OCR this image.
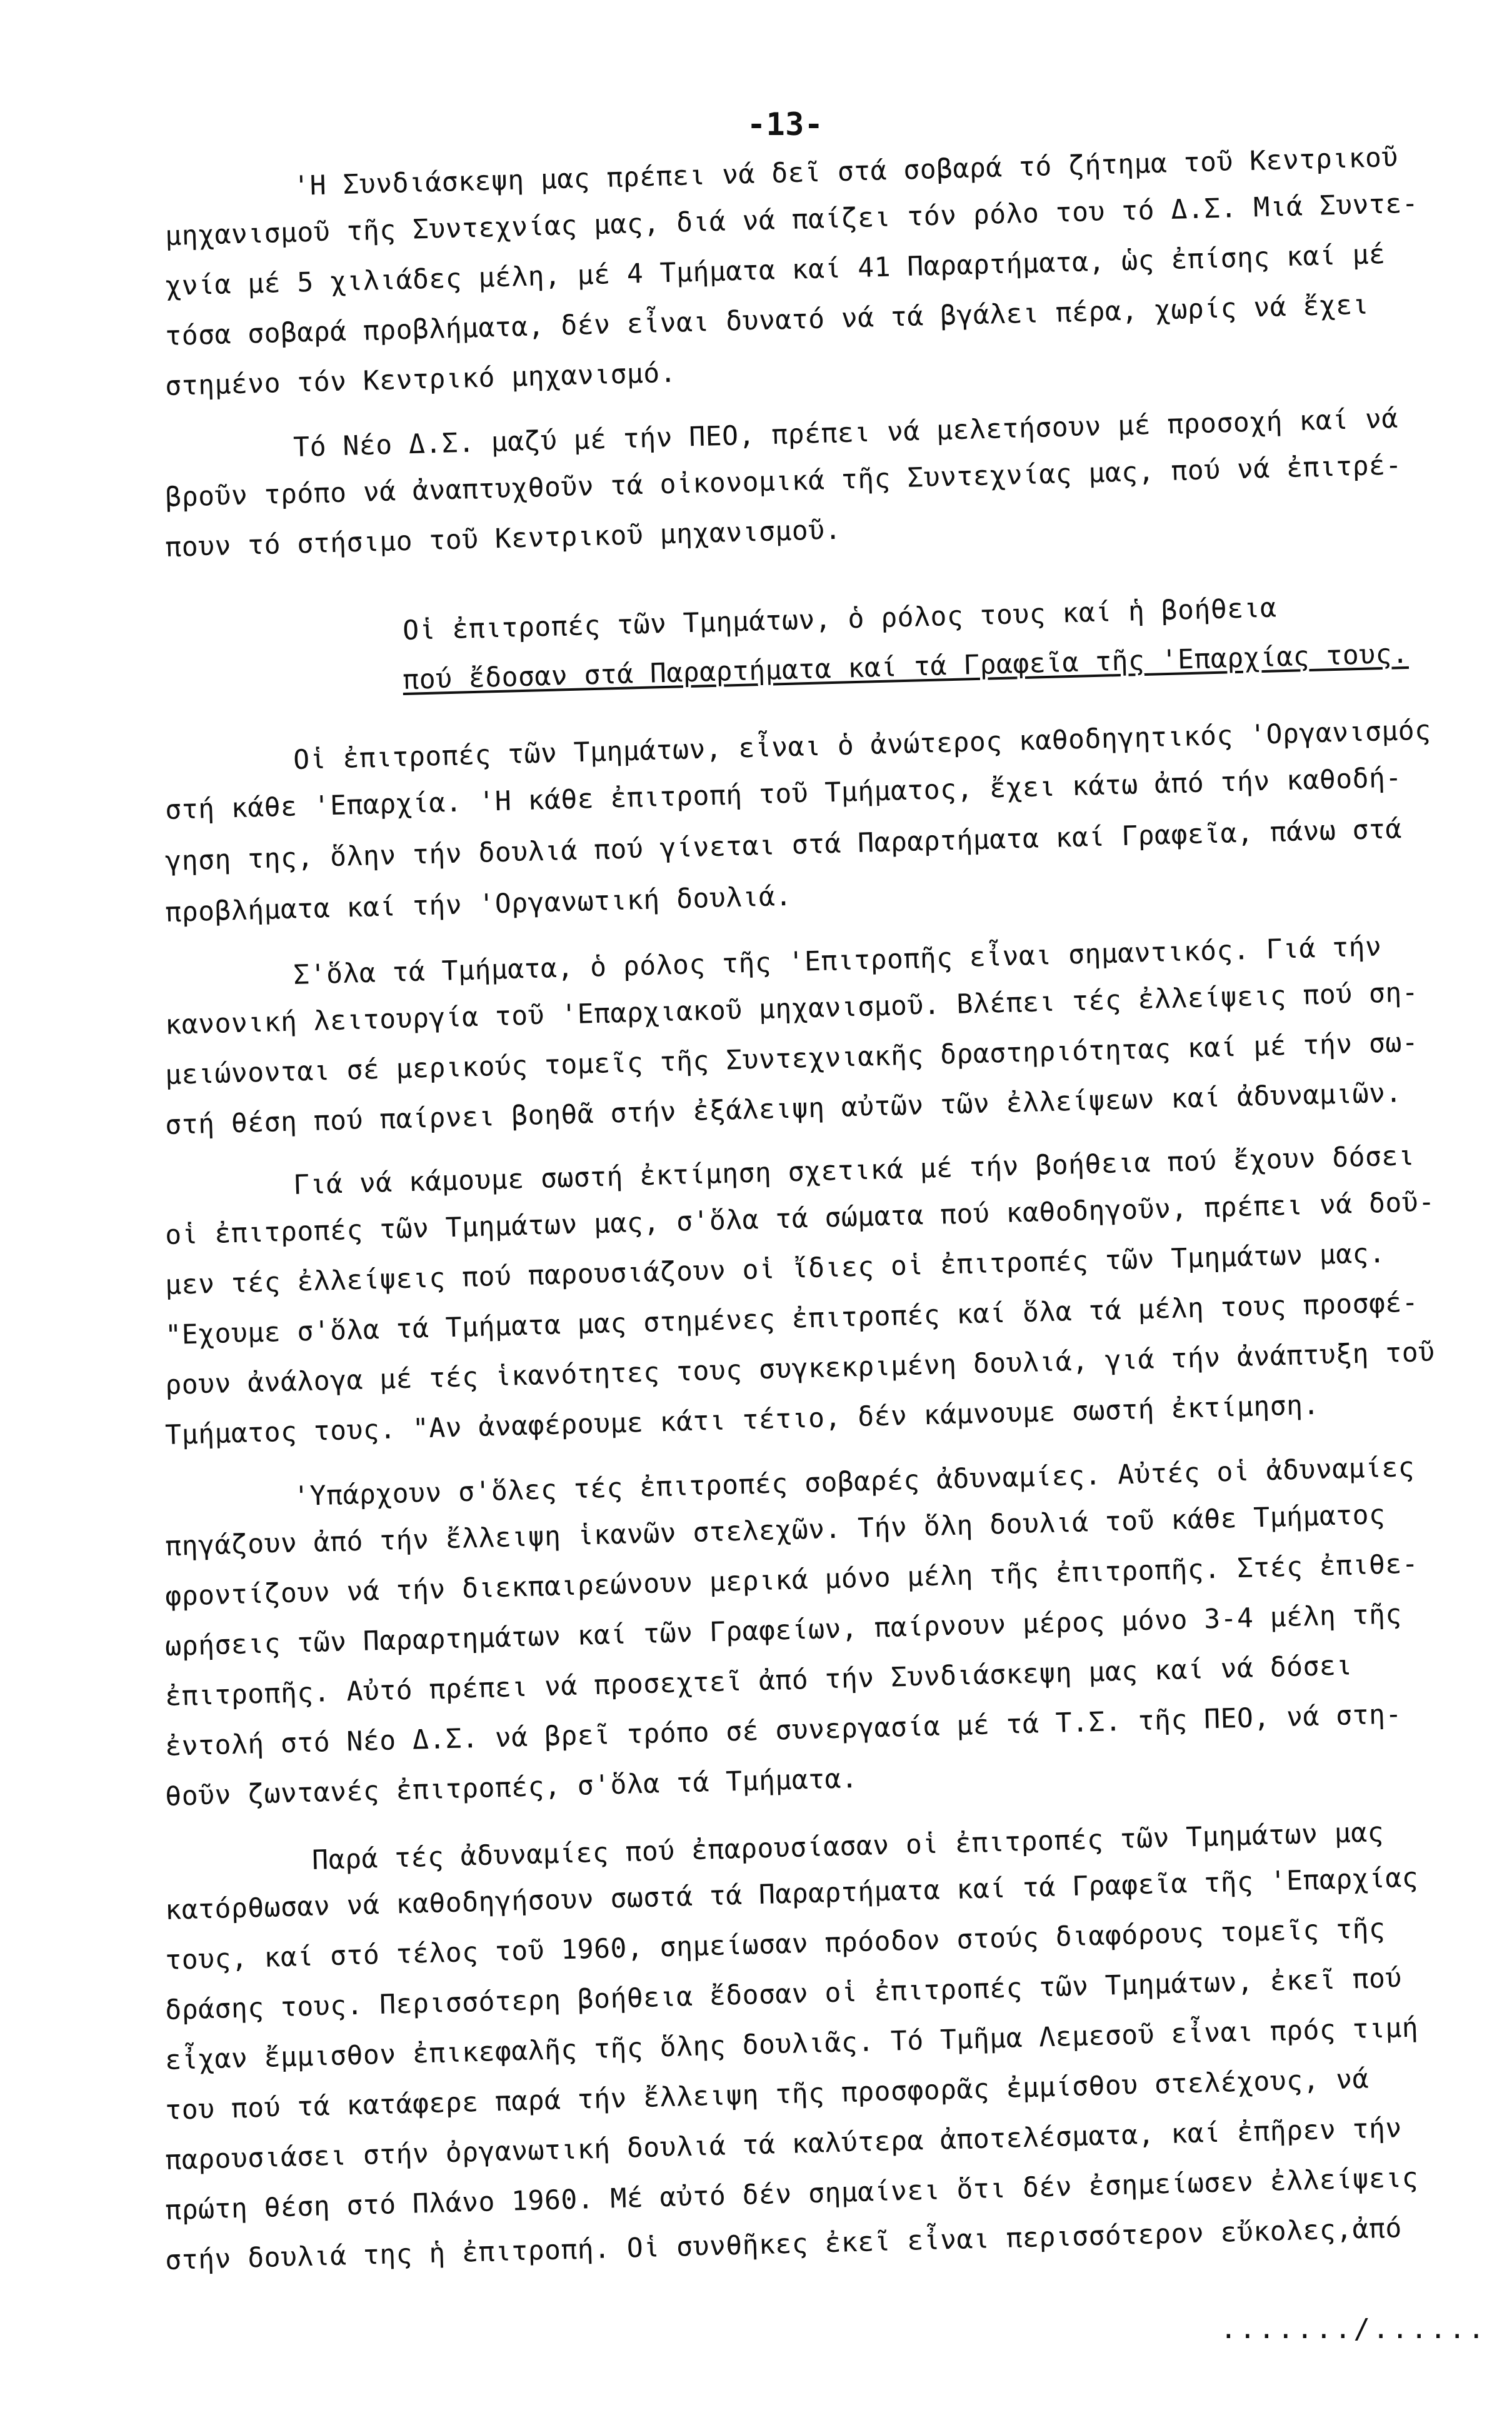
-13-
'Η Συνδιάσκεψη μας πρέπει νά δεῖ στά σοβαρά τό ζήτημα τοῦ Κεντρικοῦ
μηχανισμοῦ τῆς Συντεχνίας μας, διά νά παίζει τόν ρόλο του τό Δ.Σ. Μιά Συντε-
χνία μέ 5 χιλιάδες μέλη, μέ 4 Τμήματα καί 41 Παραρτήματα, ὡς ἐπίσης καί μέ
τόσα σοβαρά προβλήματα, δέν εἶναι δυνατό νά τά βγάλει πέρα, χωρίς νά ἔχει
στημένο τόν Κεντρικό μηχανισμό.
Τό Νέο Δ.Σ. μαζύ μέ τήν ΠΕΟ, πρέπει νά μελετήσουν μέ προσοχή καί νά
βροῦν τρόπο νά ἀναπτυχθοῦν τά οἰκονομικά τῆς Συντεχνίας μας, πού νά ἐπιτρέ-
πουν τό στήσιμο τοῦ Κεντρικοῦ μηχανισμοῦ.
Οἱ ἐπιτροπές τῶν Τμημάτων, ὁ ρόλος τους καί ἡ βοήθεια
πού ἔδοσαν στά Παραρτήματα καί τά Γραφεῖα τῆς 'Επαρχίας τους.
Οἱ ἐπιτροπές τῶν Τμημάτων, εἶναι ὁ ἀνώτερος καθοδηγητικός 'Οργανισμός
στή κάθε 'Επαρχία. 'Η κάθε ἐπιτροπή τοῦ Τμήματος, ἔχει κάτω ἀπό τήν καθοδή-
γηση της, ὅλην τήν δουλιά πού γίνεται στά Παραρτήματα καί Γραφεῖα, πάνω στά
προβλήματα καί τήν 'Οργανωτική δουλιά.
Σ'ὅλα τά Τμήματα, ὁ ρόλος τῆς 'Επιτροπῆς εἶναι σημαντικός. Γιά τήν
κανονική λειτουργία τοῦ 'Επαρχιακοῦ μηχανισμοῦ. Βλέπει τές ἐλλείψεις πού ση-
μειώνονται σέ μερικούς τομεῖς τῆς Συντεχνιακῆς δραστηριότητας καί μέ τήν σω-
στή θέση πού παίρνει βοηθᾶ στήν ἐξάλειψη αὐτῶν τῶν ἐλλείψεων καί ἀδυναμιῶν.
Γιά νά κάμουμε σωστή ἐκτίμηση σχετικά μέ τήν βοήθεια πού ἔχουν δόσει
οἱ ἐπιτροπές τῶν Τμημάτων μας, σ'ὅλα τά σώματα πού καθοδηγοῦν, πρέπει νά δοῦ-
μεν τές ἐλλείψεις πού παρουσιάζουν οἱ ἴδιες οἱ ἐπιτροπές τῶν Τμημάτων μας.
"Εχουμε σ'ὅλα τά Τμήματα μας στημένες ἐπιτροπές καί ὅλα τά μέλη τους προσφέ-
ρουν ἀνάλογα μέ τές ἱκανότητες τους συγκεκριμένη δουλιά, γιά τήν ἀνάπτυξη τοῦ
Τμήματος τους. "Αν ἀναφέρουμε κάτι τέτιο, δέν κάμνουμε σωστή ἐκτίμηση.
'Υπάρχουν σ'ὅλες τές ἐπιτροπές σοβαρές ἀδυναμίες. Αὐτές οἱ ἀδυναμίες
πηγάζουν ἀπό τήν ἔλλειψη ἱκανῶν στελεχῶν. Τήν ὅλη δουλιά τοῦ κάθε Τμήματος
φροντίζουν νά τήν διεκπαιρεώνουν μερικά μόνο μέλη τῆς ἐπιτροπῆς. Στές ἐπιθε-
ωρήσεις τῶν Παραρτημάτων καί τῶν Γραφείων, παίρνουν μέρος μόνο 3-4 μέλη τῆς
ἐπιτροπῆς. Αὐτό πρέπει νά προσεχτεῖ ἀπό τήν Συνδιάσκεψη μας καί νά δόσει
ἐντολή στό Νέο Δ.Σ. νά βρεῖ τρόπο σέ συνεργασία μέ τά Τ.Σ. τῆς ΠΕΟ, νά στη-
θοῦν ζωντανές ἐπιτροπές, σ'ὅλα τά Τμήματα.
Παρά τές ἀδυναμίες πού ἐπαρουσίασαν οἱ ἐπιτροπές τῶν Τμημάτων μας
κατόρθωσαν νά καθοδηγήσουν σωστά τά Παραρτήματα καί τά Γραφεῖα τῆς 'Επαρχίας
τους, καί στό τέλος τοῦ 1960, σημείωσαν πρόοδον στούς διαφόρους τομεῖς τῆς
δράσης τους. Περισσότερη βοήθεια ἔδοσαν οἱ ἐπιτροπές τῶν Τμημάτων, ἐκεῖ πού
εἶχαν ἔμμισθον ἐπικεφαλῆς τῆς ὅλης δουλιᾶς. Τό Τμῆμα Λεμεσοῦ εἶναι πρός τιμή
του πού τά κατάφερε παρά τήν ἔλλειψη τῆς προσφορᾶς ἐμμίσθου στελέχους, νά
παρουσιάσει στήν ὀργανωτική δουλιά τά καλύτερα ἀποτελέσματα, καί ἐπῆρεν τήν
πρώτη θέση στό Πλάνο 1960. Μέ αὐτό δέν σημαίνει ὅτι δέν ἐσημείωσεν ἐλλείψεις
στήν δουλιά της ἡ ἐπιτροπή. Οἱ συνθῆκες ἐκεῖ εἶναι περισσότερον εὔκολες,ἀπό
......./......
